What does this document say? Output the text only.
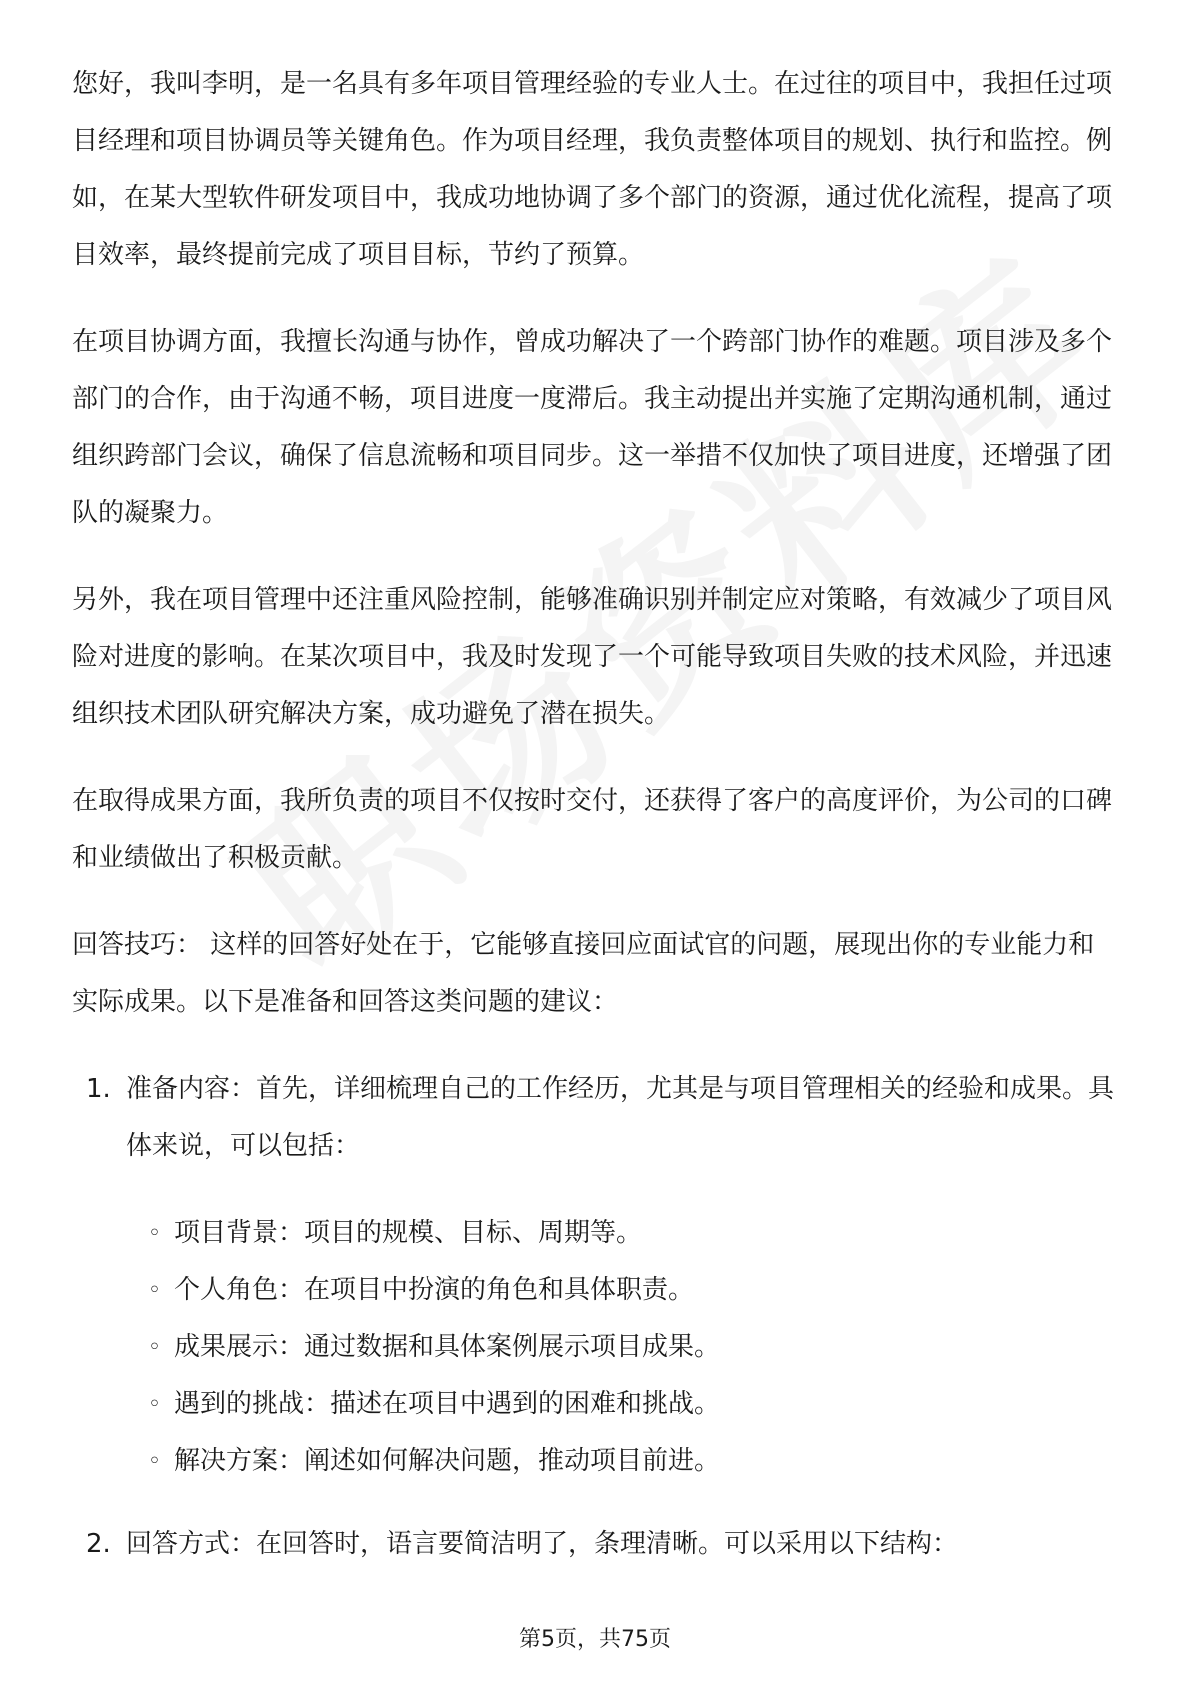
您好，我叫李明，是一名具有多年项目管理经验的专业人士。在过往的项目中，我担任过项目经理和项目协调员等关键角色。作为项目经理，我负责整体项目的规划、执行和监控。例如，在某大型软件研发项目中，我成功地协调了多个部门的资源，通过优化流程，提高了项目效率，最终提前完成了项目目标，节约了预算。

在项目协调方面，我擅长沟通与协作，曾成功解决了一个跨部门协作的难题。项目涉及多个部门的合作，由于沟通不畅，项目进度一度滞后。我主动提出并实施了定期沟通机制，通过组织跨部门会议，确保了信息流畅和项目同步。这一举措不仅加快了项目进度，还增强了团队的凝聚力。

另外，我在项目管理中还注重风险控制，能够准确识别并制定应对策略，有效减少了项目风险对进度的影响。在某次项目中，我及时发现了一个可能导致项目失败的技术风险，并迅速组织技术团队研究解决方案，成功避免了潜在损失。

在取得成果方面，我所负责的项目不仅按时交付，还获得了客户的高度评价，为公司的口碑和业绩做出了积极贡献。

回答技巧： 这样的回答好处在于，它能够直接回应面试官的问题，展现出你的专业能力和实际成果。以下是准备和回答这类问题的建议：

1. 准备内容：首先，详细梳理自己的工作经历，尤其是与项目管理相关的经验和成果。具体来说，可以包括：
◦ 项目背景：项目的规模、目标、周期等。
◦ 个人角色：在项目中扮演的角色和具体职责。
◦ 成果展示：通过数据和具体案例展示项目成果。
◦ 遇到的挑战：描述在项目中遇到的困难和挑战。
◦ 解决方案：阐述如何解决问题，推动项目前进。
2. 回答方式：在回答时，语言要简洁明了，条理清晰。可以采用以下结构：
第5页，共75页
